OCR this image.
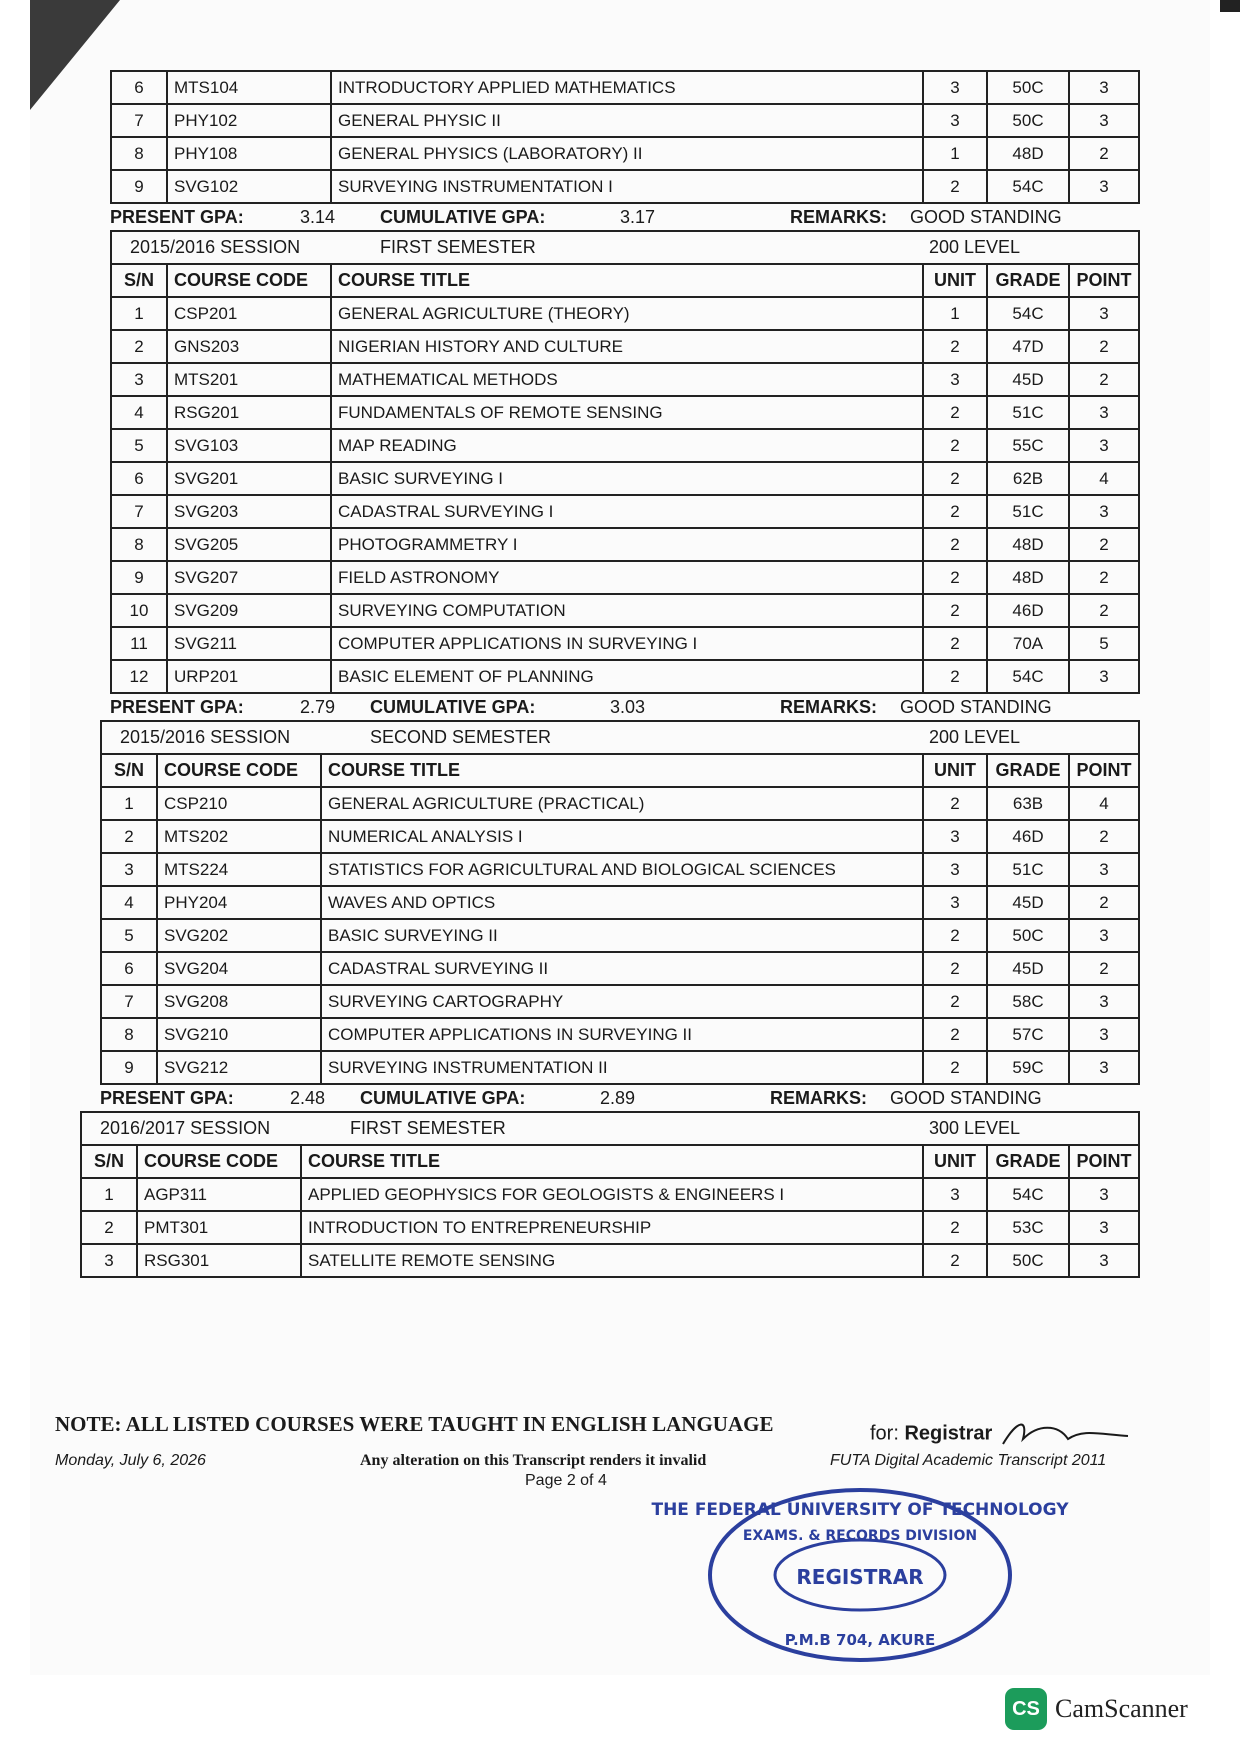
6	MTS104	INTRODUCTORY APPLIED MATHEMATICS	3	50C	3
7	PHY102	GENERAL PHYSIC II	3	50C	3
8	PHY108	GENERAL PHYSICS (LABORATORY) II	1	48D	2
9	SVG102	SURVEYING INSTRUMENTATION I	2	54C	3
PRESENT GPA:	3.14	CUMULATIVE GPA:	3.17	REMARKS:	GOOD STANDING
2015/2016 SESSION FIRST SEMESTER			200 LEVEL		
S/N	COURSE CODE	COURSE TITLE	UNIT	GRADE	POINT
1	CSP201	GENERAL AGRICULTURE (THEORY)	1	54C	3
2	GNS203	NIGERIAN HISTORY AND CULTURE	2	47D	2
3	MTS201	MATHEMATICAL METHODS	3	45D	2
4	RSG201	FUNDAMENTALS OF REMOTE SENSING	2	51C	3
5	SVG103	MAP READING	2	55C	3
6	SVG201	BASIC SURVEYING I	2	62B	4
7	SVG203	CADASTRAL SURVEYING I	2	51C	3
8	SVG205	PHOTOGRAMMETRY I	2	48D	2
9	SVG207	FIELD ASTRONOMY	2	48D	2
10	SVG209	SURVEYING COMPUTATION	2	46D	2
11	SVG211	COMPUTER APPLICATIONS IN SURVEYING I	2	70A	5
12	URP201	BASIC ELEMENT OF PLANNING	2	54C	3
PRESENT GPA:	2.79	CUMULATIVE GPA:	3.03	REMARKS:	GOOD STANDING
2015/2016 SESSION SECOND SEMESTER			200 LEVEL		
S/N	COURSE CODE	COURSE TITLE	UNIT	GRADE	POINT
1	CSP210	GENERAL AGRICULTURE (PRACTICAL)	2	63B	4
2	MTS202	NUMERICAL ANALYSIS I	3	46D	2
3	MTS224	STATISTICS FOR AGRICULTURAL AND BIOLOGICAL SCIENCES	3	51C	3
4	PHY204	WAVES AND OPTICS	3	45D	2
5	SVG202	BASIC SURVEYING II	2	50C	3
6	SVG204	CADASTRAL SURVEYING II	2	45D	2
7	SVG208	SURVEYING CARTOGRAPHY	2	58C	3
8	SVG210	COMPUTER APPLICATIONS IN SURVEYING II	2	57C	3
9	SVG212	SURVEYING INSTRUMENTATION II	2	59C	3
PRESENT GPA:	2.48	CUMULATIVE GPA:	2.89	REMARKS:	GOOD STANDING
2016/2017 SESSION FIRST SEMESTER			300 LEVEL		
S/N	COURSE CODE	COURSE TITLE	UNIT	GRADE	POINT
1	AGP311	APPLIED GEOPHYSICS FOR GEOLOGISTS & ENGINEERS I	3	54C	3
2	PMT301	INTRODUCTION TO ENTREPRENEURSHIP	2	53C	3
3	RSG301	SATELLITE REMOTE SENSING	2	50C	3
NOTE: ALL LISTED COURSES WERE TAUGHT IN ENGLISH LANGUAGE	for: Registrar
Monday, July 6, 2026	Any alteration on this Transcript renders it invalid
Page 2 of 4
FUTA Digital Academic Transcript 2011
THE FEDERAL UNIVERSITY OF TECHNOLOGY
EXAMS. & RECORDS DIVISION
REGISTRAR
P.M.B 704, AKURE
CS CamScanner
